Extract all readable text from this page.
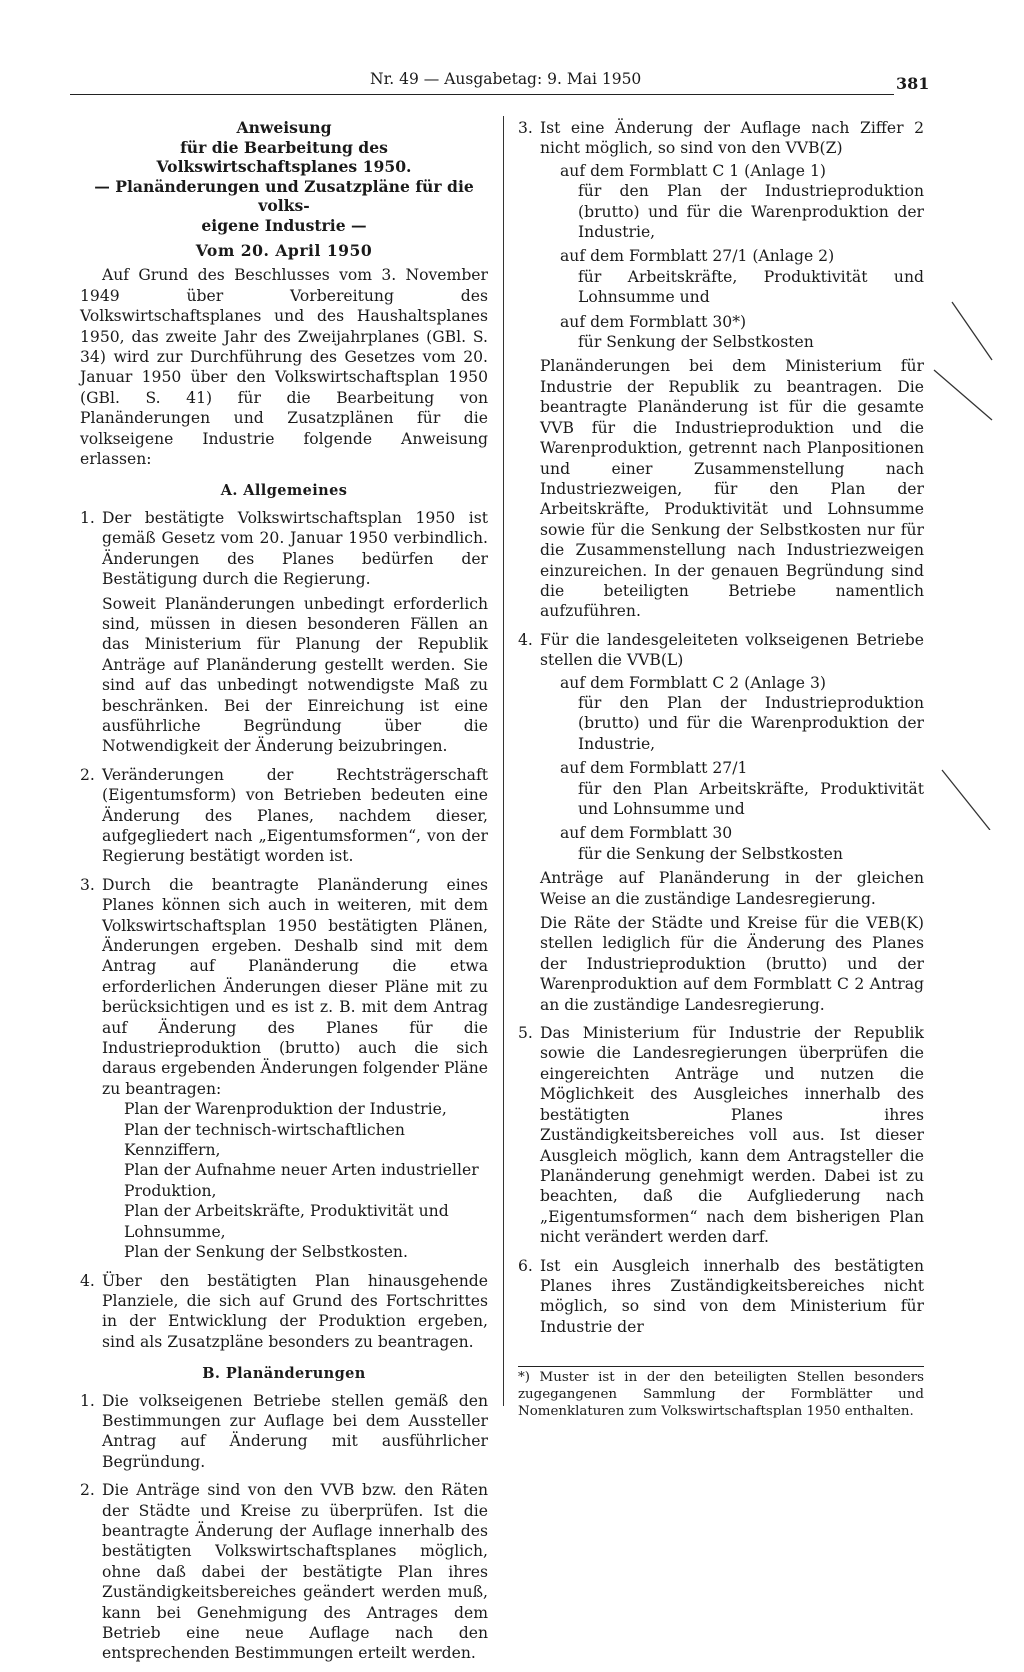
Nr. 49 — Ausgabetag: 9. Mai 1950	381
Anweisung
für die Bearbeitung des Volkswirtschaftsplanes 1950.
— Planänderungen und Zusatzpläne für die volks-
eigene Industrie —
Vom 20. April 1950

Auf Grund des Beschlusses vom 3. November 1949 über Vorbereitung des Volkswirtschaftsplanes und des Haushaltsplanes 1950, das zweite Jahr des Zweijahrplanes (GBl. S. 34) wird zur Durchführung des Gesetzes vom 20. Januar 1950 über den Volkswirtschaftsplan 1950 (GBl. S. 41) für die Bearbeitung von Planänderungen und Zusatzplänen für die volkseigene Industrie folgende Anweisung erlassen:

A. Allgemeines
1. Der bestätigte Volkswirtschaftsplan 1950 ist gemäß Gesetz vom 20. Januar 1950 verbindlich. Änderungen des Planes bedürfen der Bestätigung durch die Regierung.

Soweit Planänderungen unbedingt erforderlich sind, müssen in diesen besonderen Fällen an das Ministerium für Planung der Republik Anträge auf Planänderung gestellt werden. Sie sind auf das unbedingt notwendigste Maß zu beschränken. Bei der Einreichung ist eine ausführliche Begründung über die Notwendigkeit der Änderung beizubringen.

2. Veränderungen der Rechtsträgerschaft (Eigentumsform) von Betrieben bedeuten eine Änderung des Planes, nachdem dieser, aufgegliedert nach „Eigentumsformen“, von der Regierung bestätigt worden ist.

3. Durch die beantragte Planänderung eines Planes können sich auch in weiteren, mit dem Volkswirtschaftsplan 1950 bestätigten Plänen, Änderungen ergeben. Deshalb sind mit dem Antrag auf Planänderung die etwa erforderlichen Änderungen dieser Pläne mit zu berücksichtigen und es ist z. B. mit dem Antrag auf Änderung des Planes für die Industrieproduktion (brutto) auch die sich daraus ergebenden Änderungen folgender Pläne zu beantragen:

Plan der Warenproduktion der Industrie,
Plan der technisch-wirtschaftlichen Kennziffern,
Plan der Aufnahme neuer Arten industrieller Produktion,
Plan der Arbeitskräfte, Produktivität und Lohnsumme,
Plan der Senkung der Selbstkosten.
4. Über den bestätigten Plan hinausgehende Planziele, die sich auf Grund des Fortschrittes in der Entwicklung der Produktion ergeben, sind als Zusatzpläne besonders zu beantragen.

B. Planänderungen
1. Die volkseigenen Betriebe stellen gemäß den Bestimmungen zur Auflage bei dem Aussteller Antrag auf Änderung mit ausführlicher Begründung.

2. Die Anträge sind von den VVB bzw. den Räten der Städte und Kreise zu überprüfen. Ist die beantragte Änderung der Auflage innerhalb des bestätigten Volkswirtschaftsplanes möglich, ohne daß dabei der bestätigte Plan ihres Zuständigkeitsbereiches geändert werden muß, kann bei Genehmigung des Antrages dem Betrieb eine neue Auflage nach den entsprechenden Bestimmungen erteilt werden.

3. Ist eine Änderung der Auflage nach Ziffer 2 nicht möglich, so sind von den VVB(Z)

auf dem Formblatt C 1 (Anlage 1)
für den Plan der Industrieproduktion (brutto) und für die Warenproduktion der Industrie,
auf dem Formblatt 27/1 (Anlage 2)
für Arbeitskräfte, Produktivität und Lohnsumme und
auf dem Formblatt 30*)
für Senkung der Selbstkosten

Planänderungen bei dem Ministerium für Industrie der Republik zu beantragen. Die beantragte Planänderung ist für die gesamte VVB für die Industrieproduktion und die Warenproduktion, getrennt nach Planpositionen und einer Zusammenstellung nach Industriezweigen, für den Plan der Arbeitskräfte, Produktivität und Lohnsumme sowie für die Senkung der Selbstkosten nur für die Zusammenstellung nach Industriezweigen einzureichen. In der genauen Begründung sind die beteiligten Betriebe namentlich aufzuführen.

4. Für die landesgeleiteten volkseigenen Betriebe stellen die VVB(L)

auf dem Formblatt C 2 (Anlage 3)
für den Plan der Industrieproduktion (brutto) und für die Warenproduktion der Industrie,
auf dem Formblatt 27/1
für den Plan Arbeitskräfte, Produktivität und Lohnsumme und
auf dem Formblatt 30
für die Senkung der Selbstkosten

Anträge auf Planänderung in der gleichen Weise an die zuständige Landesregierung.

Die Räte der Städte und Kreise für die VEB(K) stellen lediglich für die Änderung des Planes der Industrieproduktion (brutto) und der Warenproduktion auf dem Formblatt C 2 Antrag an die zuständige Landesregierung.

5. Das Ministerium für Industrie der Republik sowie die Landesregierungen überprüfen die eingereichten Anträge und nutzen die Möglichkeit des Ausgleiches innerhalb des bestätigten Planes ihres Zuständigkeitsbereiches voll aus. Ist dieser Ausgleich möglich, kann dem Antragsteller die Planänderung genehmigt werden. Dabei ist zu beachten, daß die Aufgliederung nach „Eigentumsformen“ nach dem bisherigen Plan nicht verändert werden darf.

6. Ist ein Ausgleich innerhalb des bestätigten Planes ihres Zuständigkeitsbereiches nicht möglich, so sind von dem Ministerium für Industrie der

*) Muster ist in der den beteiligten Stellen besonders zugegangenen Sammlung der Formblätter und Nomenklaturen zum Volkswirtschaftsplan 1950 enthalten.
